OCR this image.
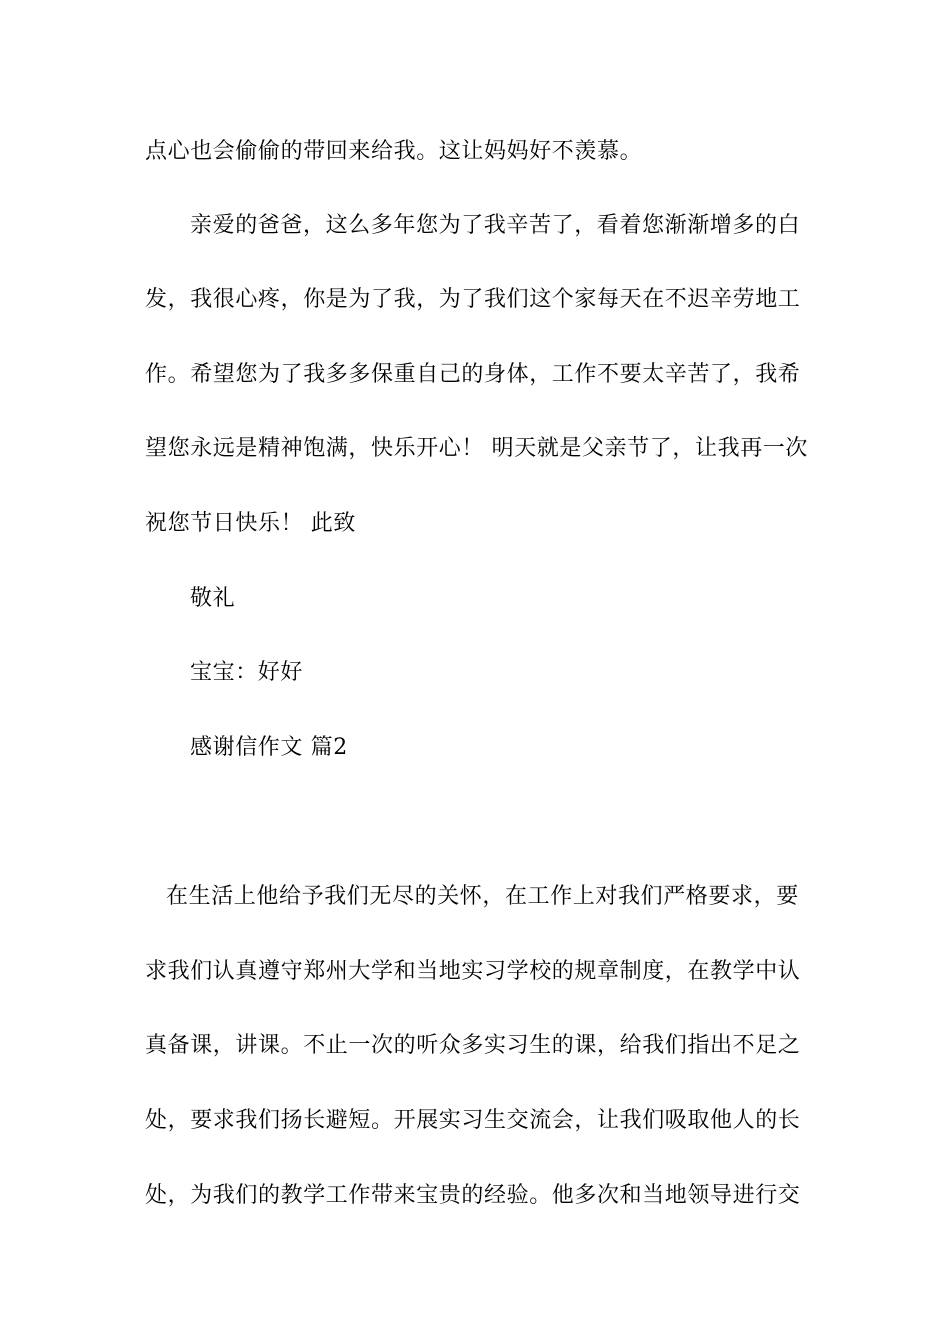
点心也会偷偷的带回来给我。这让妈妈好不羡慕。
亲爱的爸爸，这么多年您为了我辛苦了，看着您渐渐增多的白
发，我很心疼，你是为了我，为了我们这个家每天在不迟辛劳地工
作。希望您为了我多多保重自己的身体，工作不要太辛苦了，我希
望您永远是精神饱满，快乐开心！ 明天就是父亲节了，让我再一次
祝您节日快乐！ 此致
敬礼
宝宝：好好
感谢信作文 篇2
在生活上他给予我们无尽的关怀，在工作上对我们严格要求，要
求我们认真遵守郑州大学和当地实习学校的规章制度，在教学中认
真备课，讲课。不止一次的听众多实习生的课，给我们指出不足之
处，要求我们扬长避短。开展实习生交流会，让我们吸取他人的长
处，为我们的教学工作带来宝贵的经验。他多次和当地领导进行交
